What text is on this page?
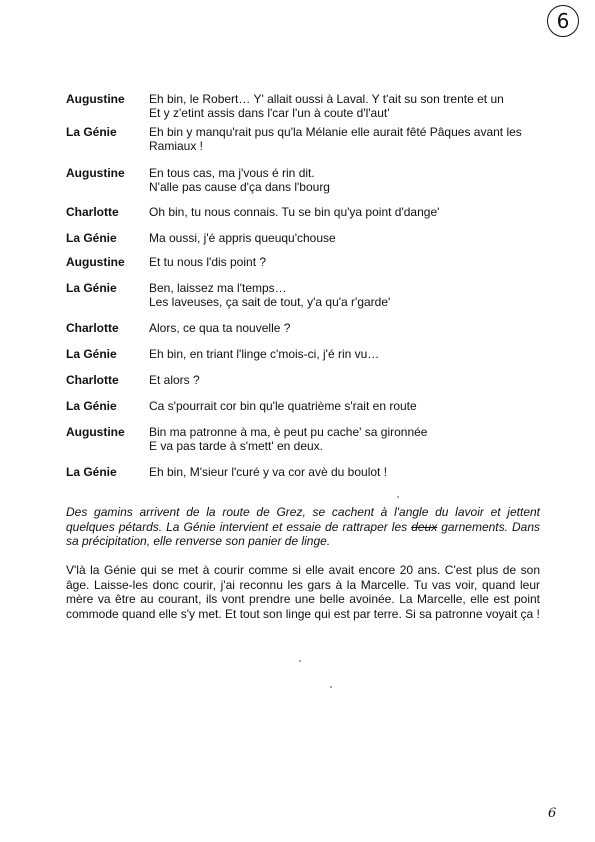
6
Augustine	Eh bin, le Robert… Y' allait oussi à Laval. Y t'ait su son trente et un
Et y z'etint assis dans l'car l'un à coute d'l'aut'
La Génie	Eh bin y manqu'rait pus qu'la Mélanie elle aurait fêté Pâques avant les
Ramiaux !
Augustine	En tous cas, ma j'vous é rin dit.
N'alle pas cause d'ça dans l'bourg
Charlotte	Oh bin, tu nous connais. Tu se bin qu'ya point d'dange'
La Génie	Ma oussi, j'é appris queuqu'chouse
Augustine	Et tu nous l'dis point ?
La Génie	Ben, laissez ma l'temps…
Les laveuses, ça sait de tout, y'a qu'a r'garde'
Charlotte	Alors, ce qua ta nouvelle ?
La Génie	Eh bin, en triant l'linge c'mois-ci, j'é rin vu…
Charlotte	Et alors ?
La Génie	Ca s'pourrait cor bin qu'le quatrième s'rait en route
Augustine	Bin ma patronne à ma, è peut pu cache' sa gironnée
E va pas tarde à s'mett' en deux.
La Génie	Eh bin, M'sieur l'curé y va cor avè du boulot !
Des gamins arrivent de la route de Grez, se cachent à l'angle du lavoir et jettent quelques pétards. La Génie intervient et essaie de rattraper les deux garnements. Dans sa précipitation, elle renverse son panier de linge.
V'là la Génie qui se met à courir comme si elle avait encore 20 ans. C'est plus de son âge. Laisse-les donc courir, j'ai reconnu les gars à la Marcelle. Tu vas voir, quand leur mère va être au courant, ils vont prendre une belle avoinée. La Marcelle, elle est point commode quand elle s'y met. Et tout son linge qui est par terre. Si sa patronne voyait ça !
6
